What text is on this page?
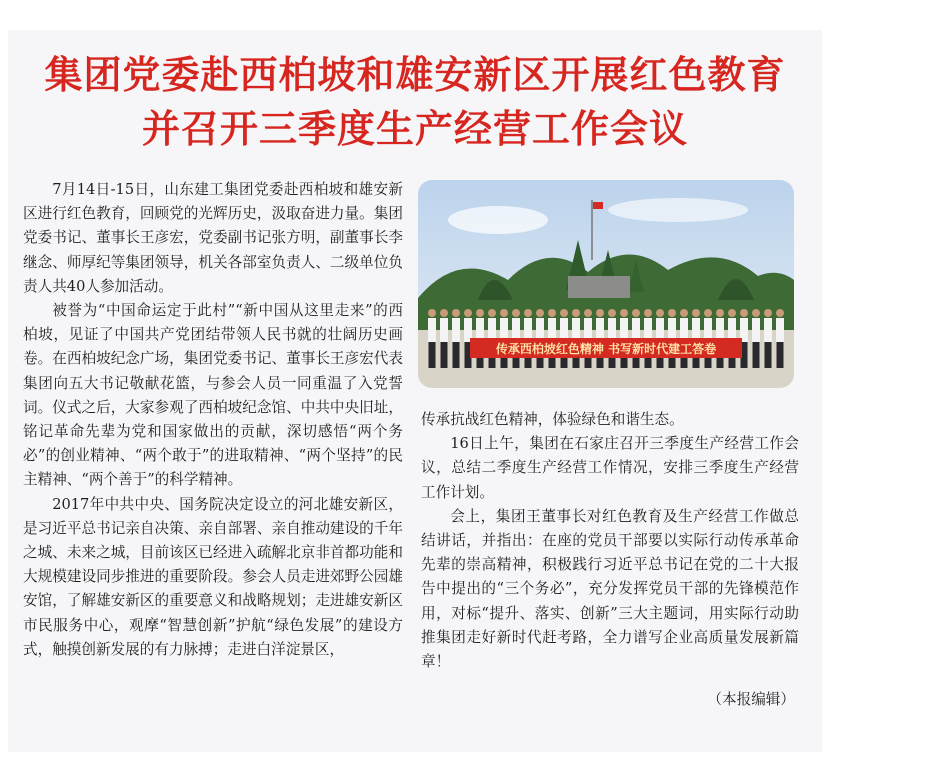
集团党委赴西柏坡和雄安新区开展红色教育
并召开三季度生产经营工作会议

7月14日-15日，山东建工集团党委赴西柏坡和雄安新区进行红色教育，回顾党的光辉历史，汲取奋进力量。集团党委书记、董事长王彦宏，党委副书记张方明，副董事长李继念、师厚纪等集团领导，机关各部室负责人、二级单位负责人共40人参加活动。

被誉为“中国命运定于此村”“新中国从这里走来”的西柏坡，见证了中国共产党团结带领人民书就的壮阔历史画卷。在西柏坡纪念广场，集团党委书记、董事长王彦宏代表集团向五大书记敬献花篮，与参会人员一同重温了入党誓词。仪式之后，大家参观了西柏坡纪念馆、中共中央旧址，铭记革命先辈为党和国家做出的贡献，深切感悟“两个务必”的创业精神、“两个敢于”的进取精神、“两个坚持”的民主精神、“两个善于”的科学精神。

2017年中共中央、国务院决定设立的河北雄安新区，是习近平总书记亲自决策、亲自部署、亲自推动建设的千年之城、未来之城，目前该区已经进入疏解北京非首都功能和大规模建设同步推进的重要阶段。参会人员走进郊野公园雄安馆，了解雄安新区的重要意义和战略规划；走进雄安新区市民服务中心，观摩“智慧创新”护航“绿色发展”的建设方式，触摸创新发展的有力脉搏；走进白洋淀景区，

传承西柏坡红色精神 书写新时代建工答卷

传承抗战红色精神，体验绿色和谐生态。

16日上午，集团在石家庄召开三季度生产经营工作会议，总结二季度生产经营工作情况，安排三季度生产经营工作计划。

会上，集团王董事长对红色教育及生产经营工作做总结讲话，并指出：在座的党员干部要以实际行动传承革命先辈的崇高精神，积极践行习近平总书记在党的二十大报告中提出的“三个务必”，充分发挥党员干部的先锋模范作用，对标“提升、落实、创新”三大主题词，用实际行动助推集团走好新时代赶考路，全力谱写企业高质量发展新篇章！

（本报编辑）
